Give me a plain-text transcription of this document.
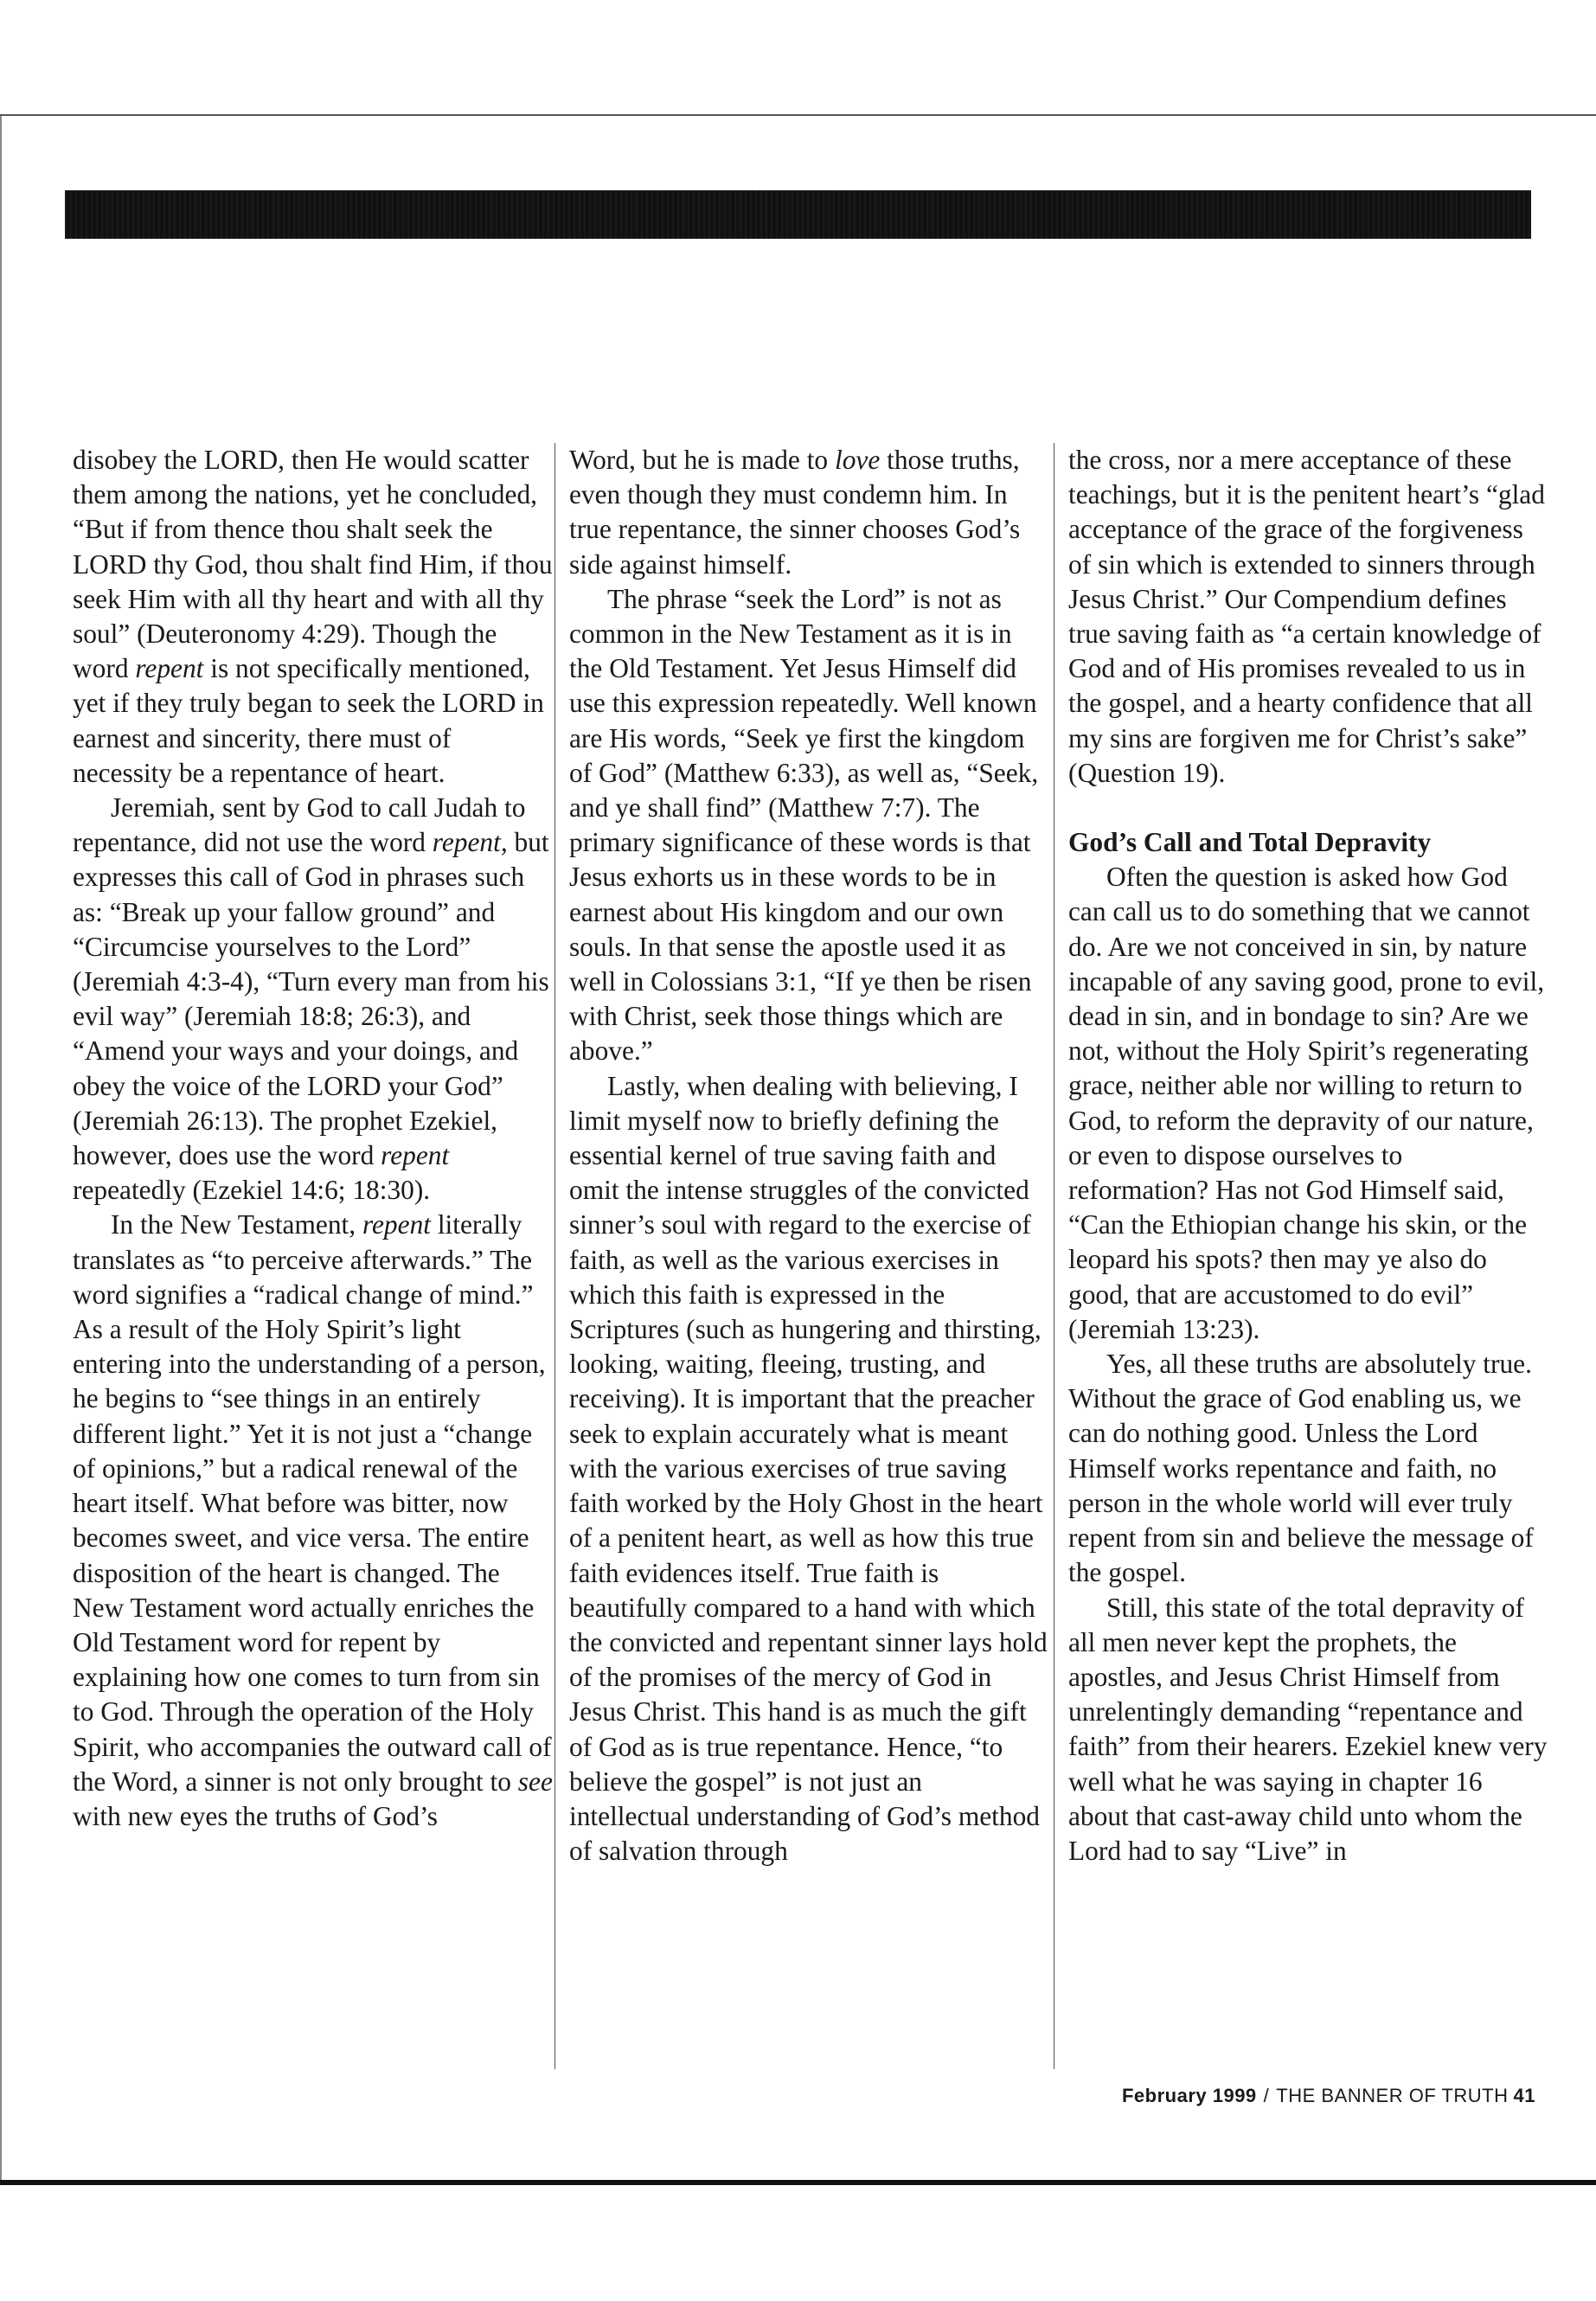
disobey the LORD, then He would scatter them among the nations, yet he concluded, “But if from thence thou shalt seek the LORD thy God, thou shalt find Him, if thou seek Him with all thy heart and with all thy soul” (Deuteronomy 4:29). Though the word repent is not specifically mentioned, yet if they truly began to seek the LORD in earnest and sincerity, there must of necessity be a repentance of heart.

Jeremiah, sent by God to call Judah to repentance, did not use the word repent, but expresses this call of God in phrases such as: “Break up your fallow ground” and “Circumcise yourselves to the Lord” (Jeremiah 4:3-4), “Turn every man from his evil way” (Jeremiah 18:8; 26:3), and “Amend your ways and your doings, and obey the voice of the LORD your God” (Jeremiah 26:13). The prophet Ezekiel, however, does use the word repent repeatedly (Ezekiel 14:6; 18:30).

In the New Testament, repent literally translates as “to perceive afterwards.” The word signifies a “radical change of mind.” As a result of the Holy Spirit’s light entering into the understanding of a person, he begins to “see things in an entirely different light.” Yet it is not just a “change of opinions,” but a radical renewal of the heart itself. What before was bitter, now becomes sweet, and vice versa. The entire disposition of the heart is changed. The New Testament word actually enriches the Old Testament word for repent by explaining how one comes to turn from sin to God. Through the operation of the Holy Spirit, who accompanies the outward call of the Word, a sinner is not only brought to see with new eyes the truths of God’s

Word, but he is made to love those truths, even though they must condemn him. In true repentance, the sinner chooses God’s side against himself.

The phrase “seek the Lord” is not as common in the New Testament as it is in the Old Testament. Yet Jesus Himself did use this expression repeatedly. Well known are His words, “Seek ye first the kingdom of God” (Matthew 6:33), as well as, “Seek, and ye shall find” (Matthew 7:7). The primary significance of these words is that Jesus exhorts us in these words to be in earnest about His kingdom and our own souls. In that sense the apostle used it as well in Colossians 3:1, “If ye then be risen with Christ, seek those things which are above.”

Lastly, when dealing with believing, I limit myself now to briefly defining the essential kernel of true saving faith and omit the intense struggles of the convicted sinner’s soul with regard to the exercise of faith, as well as the various exercises in which this faith is expressed in the Scriptures (such as hungering and thirsting, looking, waiting, fleeing, trusting, and receiving). It is important that the preacher seek to explain accurately what is meant with the various exercises of true saving faith worked by the Holy Ghost in the heart of a penitent heart, as well as how this true faith evidences itself. True faith is beautifully compared to a hand with which the convicted and repentant sinner lays hold of the promises of the mercy of God in Jesus Christ. This hand is as much the gift of God as is true repentance. Hence, “to believe the gospel” is not just an intellectual understanding of God’s method of salvation through

the cross, nor a mere acceptance of these teachings, but it is the penitent heart’s “glad acceptance of the grace of the forgiveness of sin which is extended to sinners through Jesus Christ.” Our Compendium defines true saving faith as “a certain knowledge of God and of His promises revealed to us in the gospel, and a hearty confidence that all my sins are forgiven me for Christ’s sake” (Question 19).

God’s Call and Total Depravity

Often the question is asked how God can call us to do something that we cannot do. Are we not conceived in sin, by nature incapable of any saving good, prone to evil, dead in sin, and in bondage to sin? Are we not, without the Holy Spirit’s regenerating grace, neither able nor willing to return to God, to reform the depravity of our nature, or even to dispose ourselves to reformation? Has not God Himself said, “Can the Ethiopian change his skin, or the leopard his spots? then may ye also do good, that are accustomed to do evil” (Jeremiah 13:23).

Yes, all these truths are absolutely true. Without the grace of God enabling us, we can do nothing good. Unless the Lord Himself works repentance and faith, no person in the whole world will ever truly repent from sin and believe the message of the gospel.

Still, this state of the total depravity of all men never kept the prophets, the apostles, and Jesus Christ Himself from unrelentingly demanding “repentance and faith” from their hearers. Ezekiel knew very well what he was saying in chapter 16 about that cast-away child unto whom the Lord had to say “Live” in

February 1999 / THE BANNER OF TRUTH 41
